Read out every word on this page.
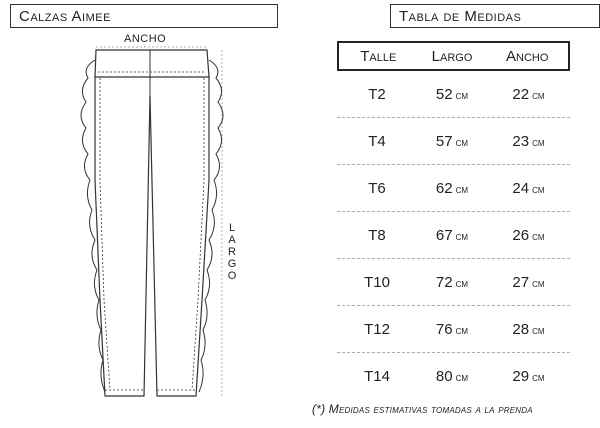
Calzas Aimee	Tabla de Medidas
ANCHO
LARGO
Talle	Largo	Ancho
T2	52 cm	22 cm
T4	57 cm	23 cm
T6	62 cm	24 cm
T8	67 cm	26 cm
T10	72 cm	27 cm
T12	76 cm	28 cm
T14	80 cm	29 cm
(*) Medidas estimativas tomadas a la prenda
